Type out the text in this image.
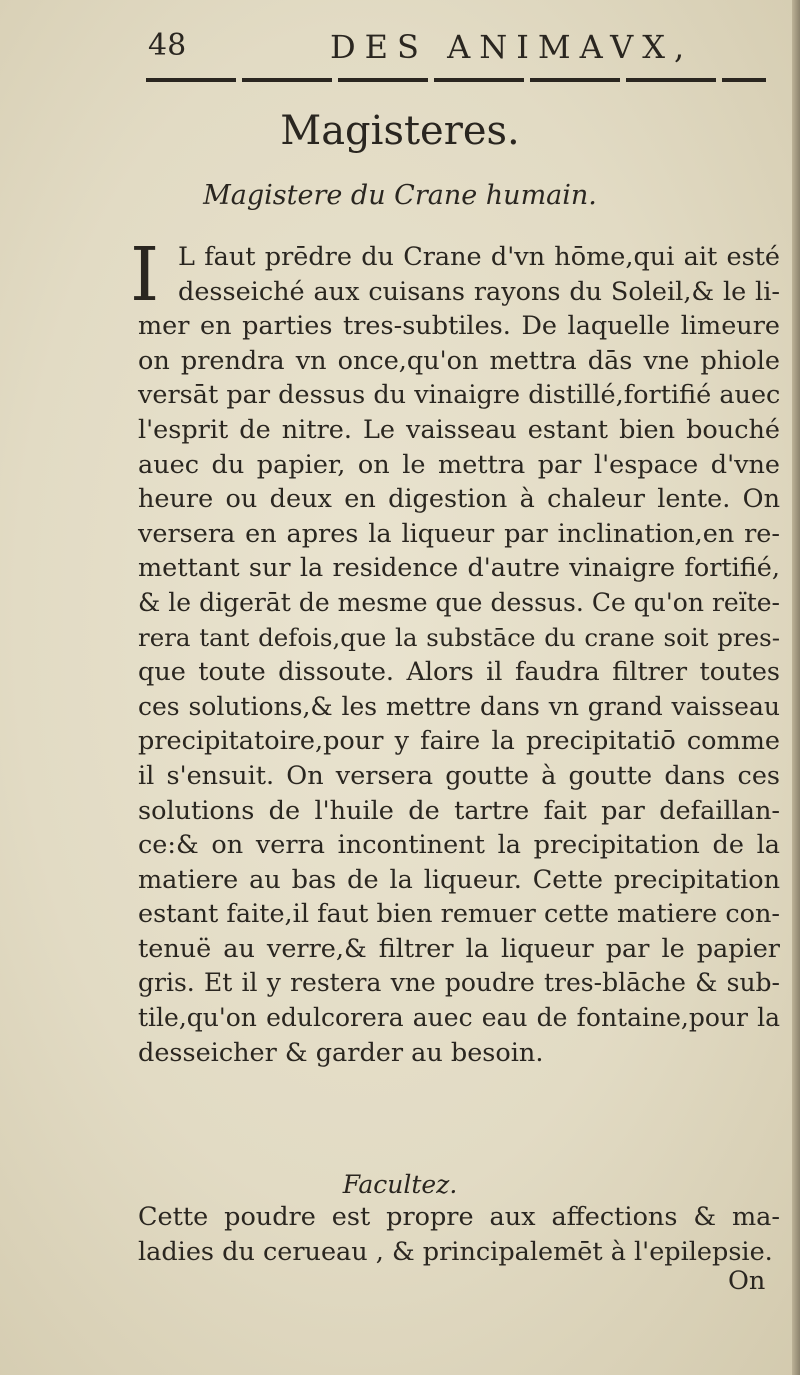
48	DES ANIMAVX,
Magisteres.
Magistere du Crane humain.
I L faut prēdre du Crane d'vn hōme,qui ait esté
desseiché aux cuisans rayons du Soleil,& le li-
mer en parties tres-subtiles. De laquelle limeure
on prendra vn once,qu'on mettra dās vne phiole
versāt par dessus du vinaigre distillé,fortifié auec
l'esprit de nitre. Le vaisseau estant bien bouché
auec du papier, on le mettra par l'espace d'vne
heure ou deux en digestion à chaleur lente. On
versera en apres la liqueur par inclination,en re-
mettant sur la residence d'autre vinaigre fortifié,
& le digerāt de mesme que dessus. Ce qu'on reïte-
rera tant defois,que la substāce du crane soit pres-
que toute dissoute. Alors il faudra filtrer toutes
ces solutions,& les mettre dans vn grand vaisseau
precipitatoire,pour y faire la precipitatiō comme
il s'ensuit. On versera goutte à goutte dans ces
solutions de l'huile de tartre fait par defaillan-
ce:& on verra incontinent la precipitation de la
matiere au bas de la liqueur. Cette precipitation
estant faite,il faut bien remuer cette matiere con-
tenuë au verre,& filtrer la liqueur par le papier
gris. Et il y restera vne poudre tres-blāche & sub-
tile,qu'on edulcorera auec eau de fontaine,pour la
desseicher & garder au besoin.
Facultez.
Cette poudre est propre aux affections & ma-
ladies du cerueau , & principalemēt à l'epilepsie.
On
